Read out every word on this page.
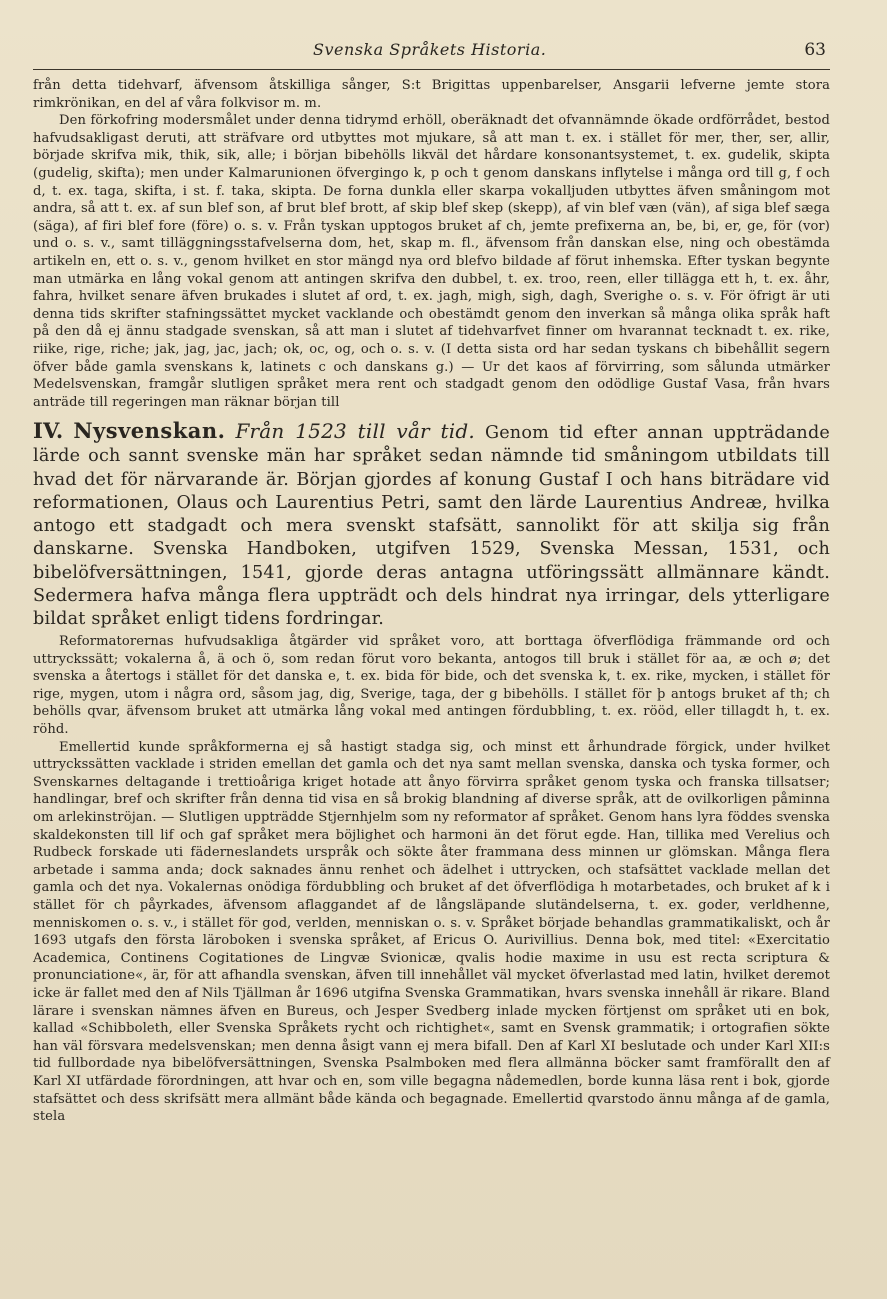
Svenska Språkets Historia.	63

från detta tidehvarf, äfvensom åtskilliga sånger, S:t Brigittas uppenbarelser, Ansgarii lefverne jemte stora rimkrönikan, en del af våra folkvisor m. m.

Den förkofring modersmålet under denna tidrymd erhöll, oberäknadt det ofvannämnde ökade ordförrådet, bestod hafvudsakligast deruti, att sträfvare ord utbyttes mot mjukare, så att man t. ex. i stället för mer, ther, ser, allir, började skrifva mik, thik, sik, alle; i början bibehölls likväl det hårdare konsonantsystemet, t. ex. gudelik, skipta (gudelig, skifta); men under Kalmarunionen öfvergingo k, p och t genom danskans inflytelse i många ord till g, f och d, t. ex. taga, skifta, i st. f. taka, skipta. De forna dunkla eller skarpa vokalljuden utbyttes äfven småningom mot andra, så att t. ex. af sun blef son, af brut blef brott, af skip blef skep (skepp), af vin blef væn (vän), af siga blef sæga (säga), af firi blef fore (före) o. s. v. Från tyskan upptogos bruket af ch, jemte prefixerna an, be, bi, er, ge, för (vor) und o. s. v., samt tilläggningsstafvelserna dom, het, skap m. fl., äfvensom från danskan else, ning och obestämda artikeln en, ett o. s. v., genom hvilket en stor mängd nya ord blefvo bildade af förut inhemska. Efter tyskan begynte man utmärka en lång vokal genom att antingen skrifva den dubbel, t. ex. troo, reen, eller tillägga ett h, t. ex. åhr, fahra, hvilket senare äfven brukades i slutet af ord, t. ex. jagh, migh, sigh, dagh, Sverighe o. s. v. För öfrigt är uti denna tids skrifter stafningssättet mycket vacklande och obestämdt genom den inverkan så många olika språk haft på den då ej ännu stadgade svenskan, så att man i slutet af tidehvarfvet finner om hvarannat tecknadt t. ex. rike, riike, rige, riche; jak, jag, jac, jach; ok, oc, og, och o. s. v. (I detta sista ord har sedan tyskans ch bibehållit segern öfver både gamla svenskans k, latinets c och danskans g.) — Ur det kaos af förvirring, som sålunda utmärker Medelsvenskan, framgår slutligen språket mera rent och stadgadt genom den odödlige Gustaf Vasa, från hvars anträde till regeringen man räknar början till

IV. Nysvenskan. Från 1523 till vår tid. Genom tid efter annan uppträdande lärde och sannt svenske män har språket sedan nämnde tid småningom utbildats till hvad det för närvarande är. Början gjordes af konung Gustaf I och hans biträdare vid reformationen, Olaus och Laurentius Petri, samt den lärde Laurentius Andreæ, hvilka antogo ett stadgadt och mera svenskt stafsätt, sannolikt för att skilja sig från danskarne. Svenska Handboken, utgifven 1529, Svenska Messan, 1531, och bibelöfversättningen, 1541, gjorde deras antagna utföringssätt allmännare kändt. Sedermera hafva många flera uppträdt och dels hindrat nya irringar, dels ytterligare bildat språket enligt tidens fordringar.

Reformatorernas hufvudsakliga åtgärder vid språket voro, att borttaga öfverflödiga främmande ord och uttryckssätt; vokalerna å, ä och ö, som redan förut voro bekanta, antogos till bruk i stället för aa, æ och ø; det svenska a återtogs i stället för det danska e, t. ex. bida för bide, och det svenska k, t. ex. rike, mycken, i stället för rige, mygen, utom i några ord, såsom jag, dig, Sverige, taga, der g bibehölls. I stället för þ antogs bruket af th; ch behölls qvar, äfvensom bruket att utmärka lång vokal med antingen fördubbling, t. ex. rööd, eller tillagdt h, t. ex. röhd.

Emellertid kunde språkformerna ej så hastigt stadga sig, och minst ett århundrade förgick, under hvilket uttryckssätten vacklade i striden emellan det gamla och det nya samt mellan svenska, danska och tyska former, och Svenskarnes deltagande i trettioåriga kriget hotade att ånyo förvirra språket genom tyska och franska tillsatser; handlingar, bref och skrifter från denna tid visa en så brokig blandning af diverse språk, att de ovilkorligen påminna om arlekinströjan. — Slutligen uppträdde Stjernhjelm som ny reformator af språket. Genom hans lyra föddes svenska skaldekonsten till lif och gaf språket mera böjlighet och harmoni än det förut egde. Han, tillika med Verelius och Rudbeck forskade uti fäderneslandets urspråk och sökte åter frammana dess minnen ur glömskan. Många flera arbetade i samma anda; dock saknades ännu renhet och ädelhet i uttrycken, och stafsättet vacklade mellan det gamla och det nya. Vokalernas onödiga fördubbling och bruket af det öfverflödiga h motarbetades, och bruket af k i stället för ch påyrkades, äfvensom aflaggandet af de långsläpande slutändelserna, t. ex. goder, verldhenne, menniskomen o. s. v., i stället för god, verlden, menniskan o. s. v. Språket började behandlas grammatikaliskt, och år 1693 utgafs den första läroboken i svenska språket, af Ericus O. Aurivillius. Denna bok, med titel: «Exercitatio Academica, Continens Cogitationes de Lingvæ Svionicæ, qvalis hodie maxime in usu est recta scriptura & pronunciatione«, är, för att afhandla svenskan, äfven till innehållet väl mycket öfverlastad med latin, hvilket deremot icke är fallet med den af Nils Tjällman år 1696 utgifna Svenska Grammatikan, hvars svenska innehåll är rikare. Bland lärare i svenskan nämnes äfven en Bureus, och Jesper Svedberg inlade mycken förtjenst om språket uti en bok, kallad «Schibboleth, eller Svenska Språkets rycht och richtighet«, samt en Svensk grammatik; i ortografien sökte han väl försvara medelsvenskan; men denna åsigt vann ej mera bifall. Den af Karl XI beslutade och under Karl XII:s tid fullbordade nya bibelöfversättningen, Svenska Psalmboken med flera allmänna böcker samt framförallt den af Karl XI utfärdade förordningen, att hvar och en, som ville begagna nådemedlen, borde kunna läsa rent i bok, gjorde stafsättet och dess skrifsätt mera allmänt både kända och begagnade. Emellertid qvarstodo ännu många af de gamla, stela
